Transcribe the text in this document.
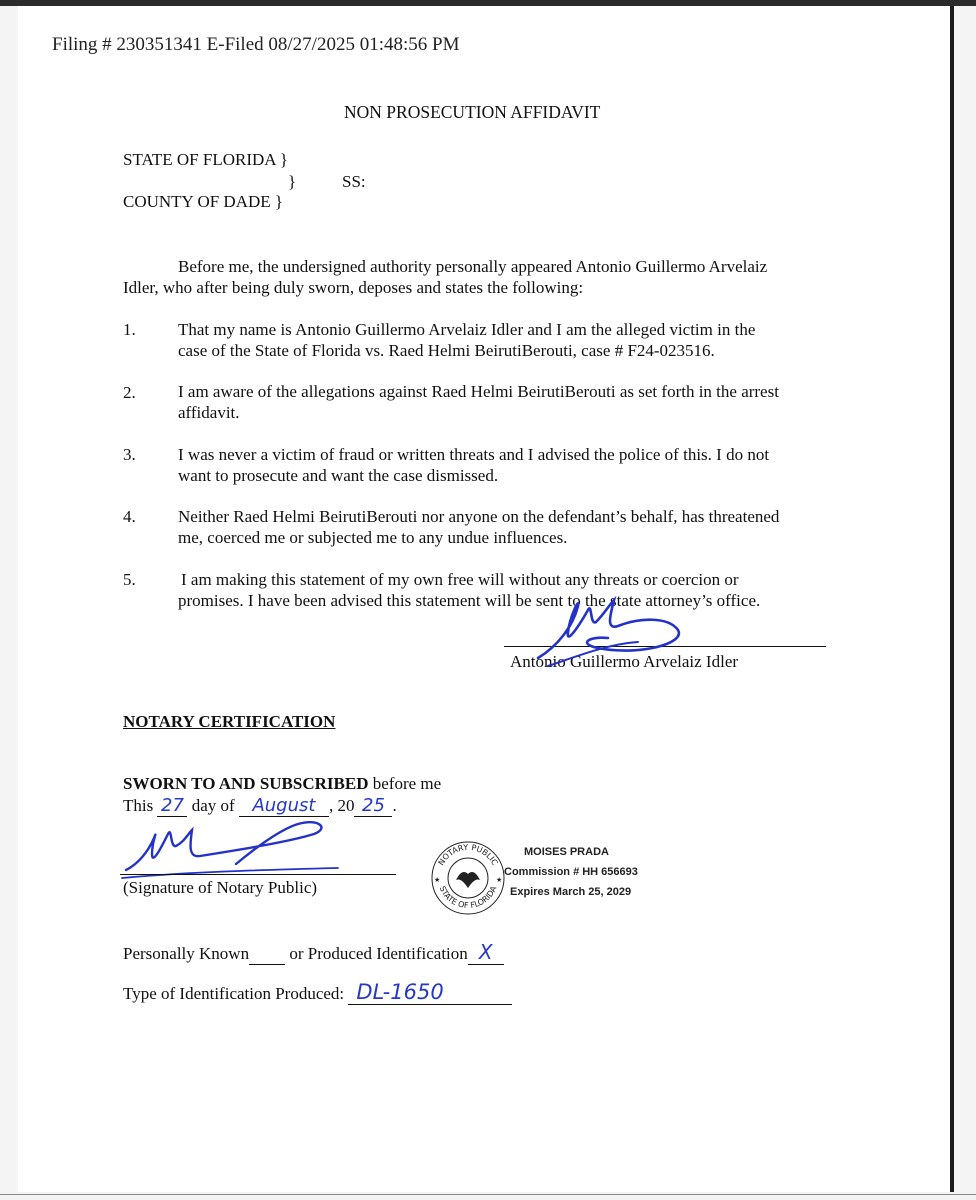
Filing # 230351341 E-Filed 08/27/2025 01:48:56 PM
NON PROSECUTION AFFIDAVIT
STATE OF FLORIDA }
}	SS:
COUNTY OF DADE }
Before me, the undersigned authority personally appeared Antonio Guillermo Arvelaiz
Idler, who after being duly sworn, deposes and states the following:
1. That my name is Antonio Guillermo Arvelaiz Idler and I am the alleged victim in the
case of the State of Florida vs. Raed Helmi BeirutiBerouti, case # F24-023516.
2. I am aware of the allegations against Raed Helmi BeirutiBerouti as set forth in the arrest
affidavit.
3. I was never a victim of fraud or written threats and I advised the police of this. I do not
want to prosecute and want the case dismissed.
4. Neither Raed Helmi BeirutiBerouti nor anyone on the defendant’s behalf, has threatened
me, coerced me or subjected me to any undue influences.
5.	I am making this statement of my own free will without any threats or coercion or
promises. I have been advised this statement will be sent to the state attorney’s office.
Antonio Guillermo Arvelaiz Idler
NOTARY CERTIFICATION
SWORN TO AND SUBSCRIBED before me
This 27 day of August , 20 25 .
(Signature of Notary Public)
NOTARY PUBLIC
STATE OF FLORIDA
★	★
MOISES PRADA
Commission # HH 656693
Expires March 25, 2029
Personally Known or Produced Identification X
Type of Identification Produced: DL-1650
